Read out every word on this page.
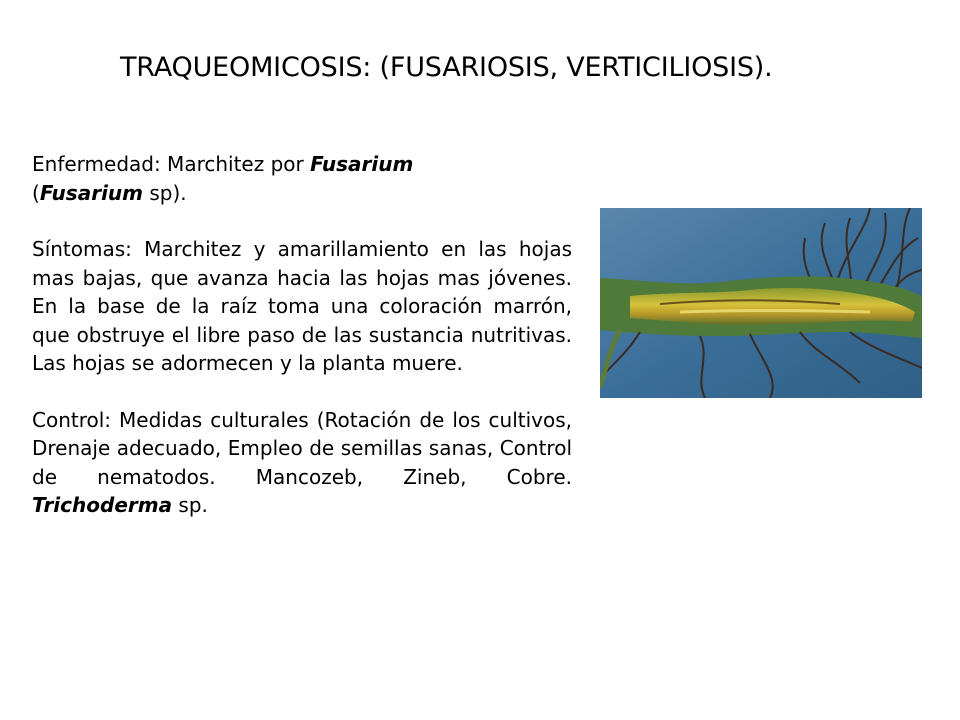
TRAQUEOMICOSIS: (FUSARIOSIS, VERTICILIOSIS).

Enfermedad: Marchitez por Fusarium
(Fusarium sp).

Síntomas: Marchitez y amarillamiento en las hojas mas bajas, que avanza hacia las hojas mas jóvenes. En la base de la raíz toma una coloración marrón, que obstruye el libre paso de las sustancia nutritivas. Las hojas se adormecen y la planta muere.

Control: Medidas culturales (Rotación de los cultivos, Drenaje adecuado, Empleo de semillas sanas, Control de nematodos. Mancozeb, Zineb, Cobre. Trichoderma sp.
